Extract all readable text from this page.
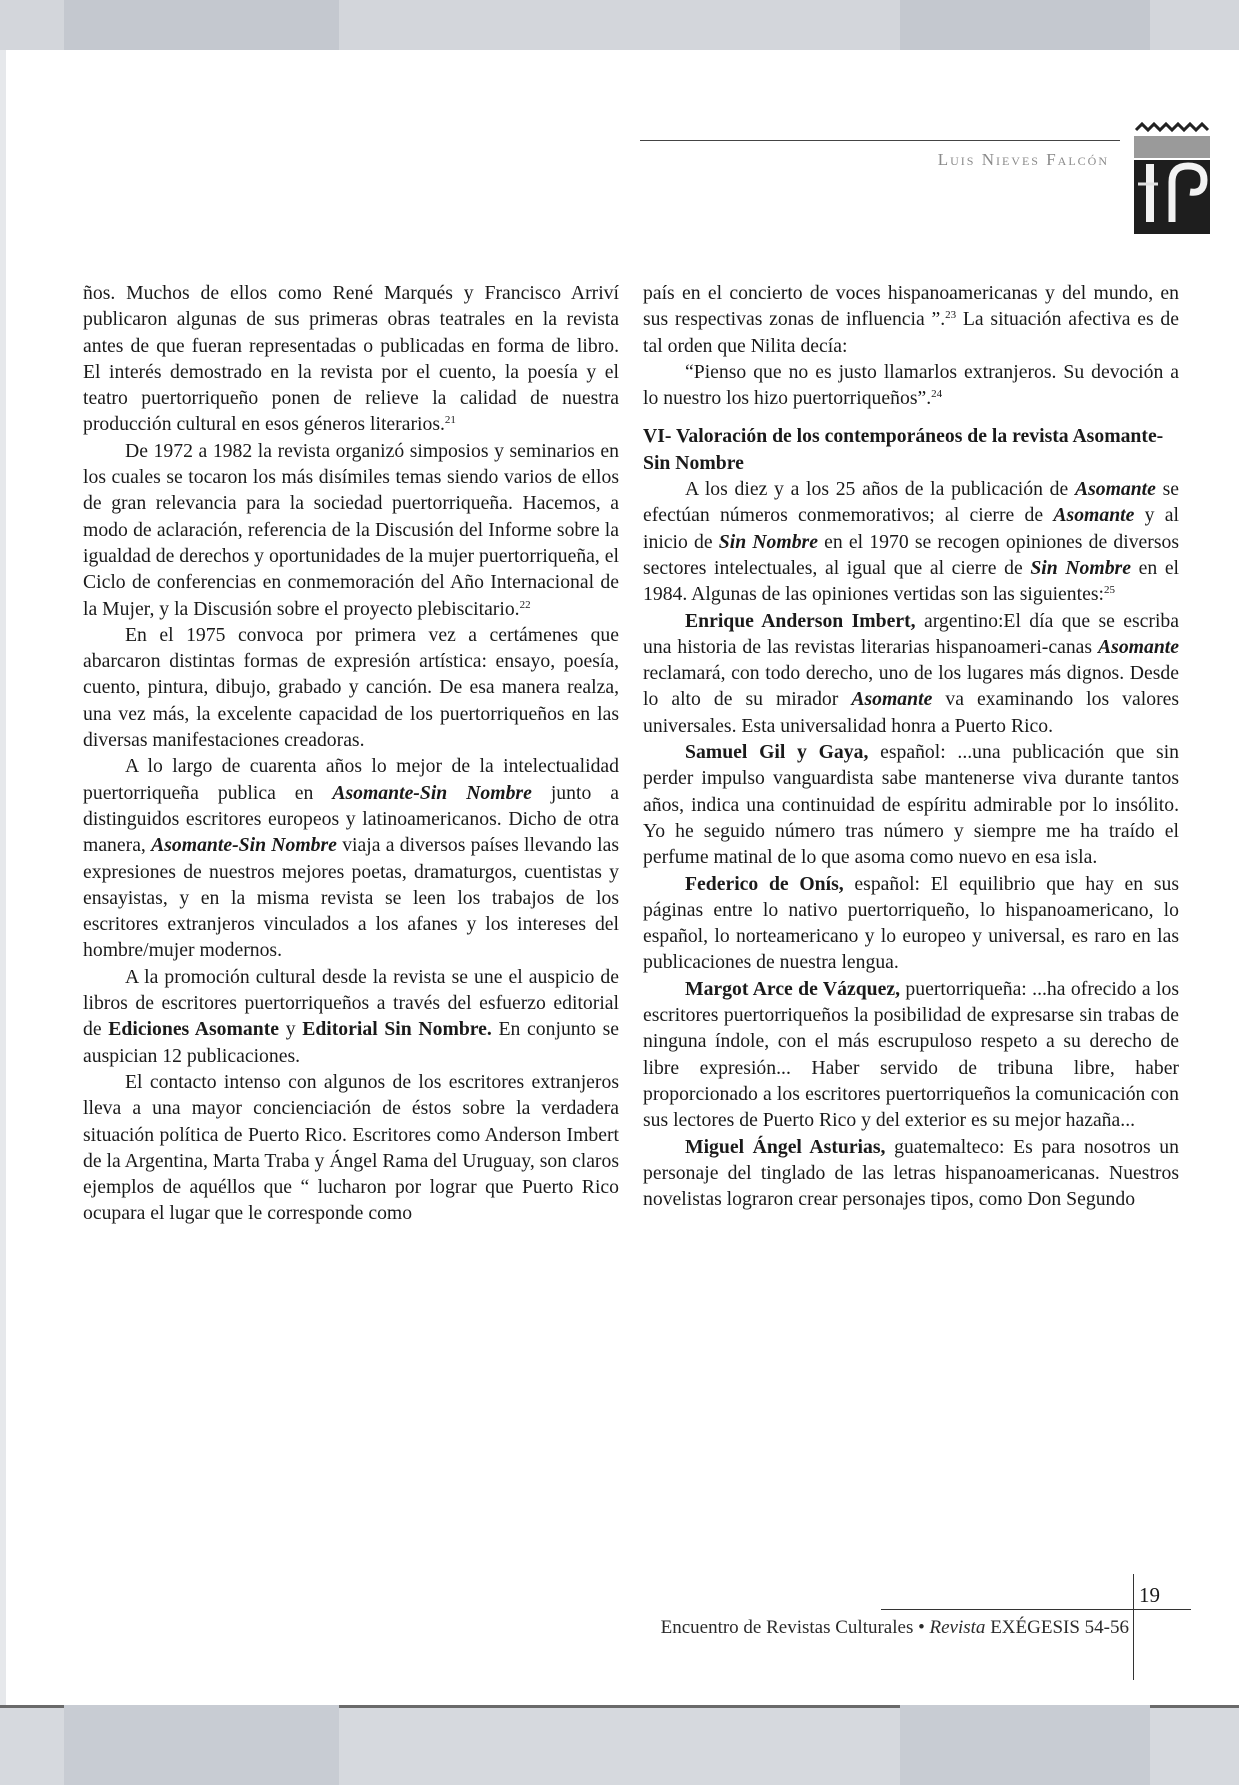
Luis Nieves Falcón

ños. Muchos de ellos como René Marqués y Francisco Arriví publicaron algunas de sus primeras obras teatrales en la revista antes de que fueran representadas o publicadas en forma de libro. El interés demostrado en la revista por el cuento, la poesía y el teatro puertorriqueño ponen de relieve la calidad de nuestra producción cultural en esos géneros literarios.$^{21}$

De 1972 a 1982 la revista organizó simposios y seminarios en los cuales se tocaron los más disímiles temas siendo varios de ellos de gran relevancia para la sociedad puertorriqueña. Hacemos, a modo de aclaración, referencia de la Discusión del Informe sobre la igualdad de derechos y oportunidades de la mujer puertorriqueña, el Ciclo de conferencias en conmemoración del Año Internacional de la Mujer, y la Discusión sobre el proyecto plebiscitario.$^{22}$

En el 1975 convoca por primera vez a certámenes que abarcaron distintas formas de expresión artística: ensayo, poesía, cuento, pintura, dibujo, grabado y canción. De esa manera realza, una vez más, la excelente capacidad de los puertorriqueños en las diversas manifestaciones creadoras.

A lo largo de cuarenta años lo mejor de la intelectualidad puertorriqueña publica en Asomante-Sin Nombre junto a distinguidos escritores europeos y latinoamericanos. Dicho de otra manera, Asomante-Sin Nombre viaja a diversos países llevando las expresiones de nuestros mejores poetas, dramaturgos, cuentistas y ensayistas, y en la misma revista se leen los trabajos de los escritores extranjeros vinculados a los afanes y los intereses del hombre/mujer modernos.

A la promoción cultural desde la revista se une el auspicio de libros de escritores puertorriqueños a través del esfuerzo editorial de Ediciones Asomante y Editorial Sin Nombre. En conjunto se auspician 12 publicaciones.

El contacto intenso con algunos de los escritores extranjeros lleva a una mayor concienciación de éstos sobre la verdadera situación política de Puerto Rico. Escritores como Anderson Imbert de la Argentina, Marta Traba y Ángel Rama del Uruguay, son claros ejemplos de aquéllos que “ lucharon por lograr que Puerto Rico ocupara el lugar que le corresponde como

país en el concierto de voces hispanoamericanas y del mundo, en sus respectivas zonas de influencia ”.$^{23}$ La situación afectiva es de tal orden que Nilita decía:

“Pienso que no es justo llamarlos extranjeros. Su devoción a lo nuestro los hizo puertorriqueños”.$^{24}$

VI- Valoración de los contemporáneos de la revista Asomante-Sin Nombre

A los diez y a los 25 años de la publicación de Asomante se efectúan números conmemorativos; al cierre de Asomante y al inicio de Sin Nombre en el 1970 se recogen opiniones de diversos sectores intelectuales, al igual que al cierre de Sin Nombre en el 1984. Algunas de las opiniones vertidas son las siguientes:$^{25}$

Enrique Anderson Imbert, argentino:El día que se escriba una historia de las revistas literarias hispanoameri-canas Asomante reclamará, con todo derecho, uno de los lugares más dignos. Desde lo alto de su mirador Asomante va examinando los valores universales. Esta universalidad honra a Puerto Rico.

Samuel Gil y Gaya, español: ...una publicación que sin perder impulso vanguardista sabe mantenerse viva durante tantos años, indica una continuidad de espíritu admirable por lo insólito. Yo he seguido número tras número y siempre me ha traído el perfume matinal de lo que asoma como nuevo en esa isla.

Federico de Onís, español: El equilibrio que hay en sus páginas entre lo nativo puertorriqueño, lo hispanoamericano, lo español, lo norteamericano y lo europeo y universal, es raro en las publicaciones de nuestra lengua.

Margot Arce de Vázquez, puertorriqueña: ...ha ofrecido a los escritores puertorriqueños la posibilidad de expresarse sin trabas de ninguna índole, con el más escrupuloso respeto a su derecho de libre expresión... Haber servido de tribuna libre, haber proporcionado a los escritores puertorriqueños la comunicación con sus lectores de Puerto Rico y del exterior es su mejor hazaña...

Miguel Ángel Asturias, guatemalteco: Es para nosotros un personaje del tinglado de las letras hispanoamericanas. Nuestros novelistas lograron crear personajes tipos, como Don Segundo

19
Encuentro de Revistas Culturales • Revista EXÉGESIS 54-56
